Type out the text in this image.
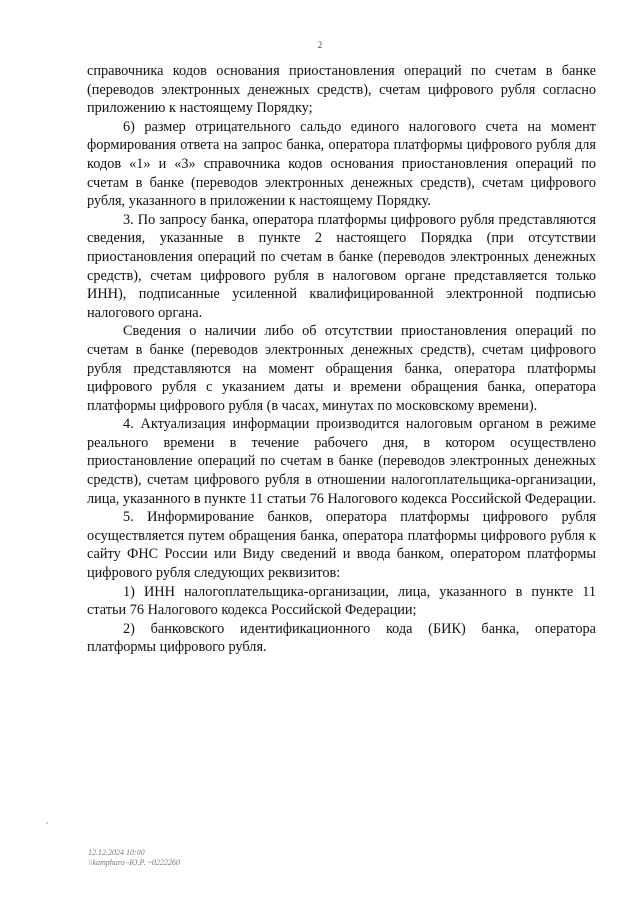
2

справочника кодов основания приостановления операций по счетам в банке (переводов электронных денежных средств), счетам цифрового рубля согласно приложению к настоящему Порядку;

6) размер отрицательного сальдо единого налогового счета на момент формирования ответа на запрос банка, оператора платформы цифрового рубля для кодов «1» и «3» справочника кодов основания приостановления операций по счетам в банке (переводов электронных денежных средств), счетам цифрового рубля, указанного в приложении к настоящему Порядку.

3. По запросу банка, оператора платформы цифрового рубля представляются сведения, указанные в пункте 2 настоящего Порядка (при отсутствии приостановления операций по счетам в банке (переводов электронных денежных средств), счетам цифрового рубля в налоговом органе представляется только ИНН), подписанные усиленной квалифицированной электронной подписью налогового органа.

Сведения о наличии либо об отсутствии приостановления операций по счетам в банке (переводов электронных денежных средств), счетам цифрового рубля представляются на момент обращения банка, оператора платформы цифрового рубля с указанием даты и времени обращения банка, оператора платформы цифрового рубля (в часах, минутах по московскому времени).

4. Актуализация информации производится налоговым органом в режиме реального времени в течение рабочего дня, в котором осуществлено приостановление операций по счетам в банке (переводов электронных денежных средств), счетам цифрового рубля в отношении налогоплательщика-организации, лица, указанного в пункте 11 статьи 76 Налогового кодекса Российской Федерации.

5. Информирование банков, оператора платформы цифрового рубля осуществляется путем обращения банка, оператора платформы цифрового рубля к сайту ФНС России или Виду сведений и ввода банком, оператором платформы цифрового рубля следующих реквизитов:

1) ИНН налогоплательщика-организации, лица, указанного в пункте 11 статьи 76 Налогового кодекса Российской Федерации;

2) банковского идентификационного кода (БИК) банка, оператора платформы цифрового рубля.

12.12.2024 10:00
\\kamphuro -Ю.Р. ~0222260
